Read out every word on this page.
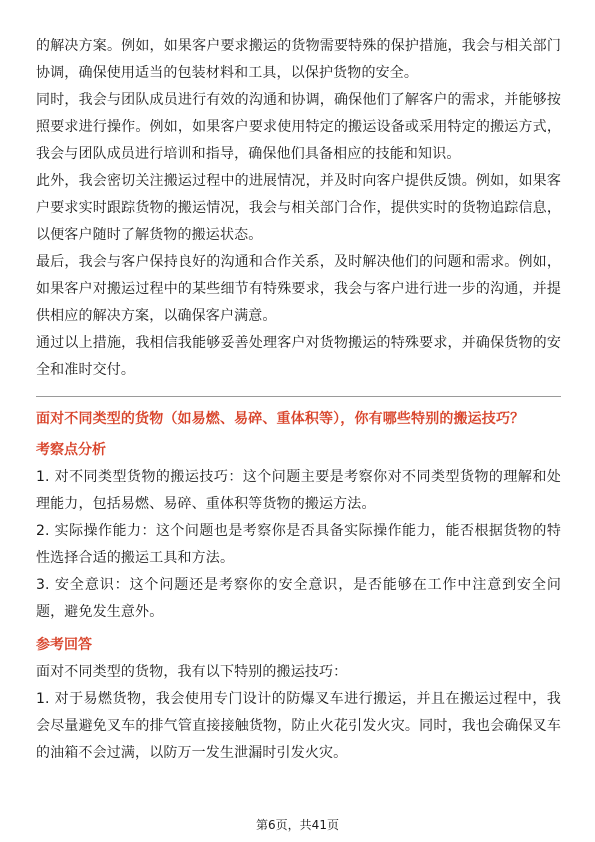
的解决方案。例如，如果客户要求搬运的货物需要特殊的保护措施，我会与相关部门协调，确保使用适当的包装材料和工具，以保护货物的安全。

同时，我会与团队成员进行有效的沟通和协调，确保他们了解客户的需求，并能够按照要求进行操作。例如，如果客户要求使用特定的搬运设备或采用特定的搬运方式，我会与团队成员进行培训和指导，确保他们具备相应的技能和知识。

此外，我会密切关注搬运过程中的进展情况，并及时向客户提供反馈。例如，如果客户要求实时跟踪货物的搬运情况，我会与相关部门合作，提供实时的货物追踪信息，以便客户随时了解货物的搬运状态。

最后，我会与客户保持良好的沟通和合作关系，及时解决他们的问题和需求。例如，如果客户对搬运过程中的某些细节有特殊要求，我会与客户进行进一步的沟通，并提供相应的解决方案，以确保客户满意。

通过以上措施，我相信我能够妥善处理客户对货物搬运的特殊要求，并确保货物的安全和准时交付。

面对不同类型的货物（如易燃、易碎、重体积等），你有哪些特别的搬运技巧？

考察点分析

1. 对不同类型货物的搬运技巧：这个问题主要是考察你对不同类型货物的理解和处理能力，包括易燃、易碎、重体积等货物的搬运方法。

2. 实际操作能力：这个问题也是考察你是否具备实际操作能力，能否根据货物的特性选择合适的搬运工具和方法。

3. 安全意识：这个问题还是考察你的安全意识，是否能够在工作中注意到安全问题，避免发生意外。

参考回答

面对不同类型的货物，我有以下特别的搬运技巧：

1. 对于易燃货物，我会使用专门设计的防爆叉车进行搬运，并且在搬运过程中，我会尽量避免叉车的排气管直接接触货物，防止火花引发火灾。同时，我也会确保叉车的油箱不会过满，以防万一发生泄漏时引发火灾。

第6页，共41页
